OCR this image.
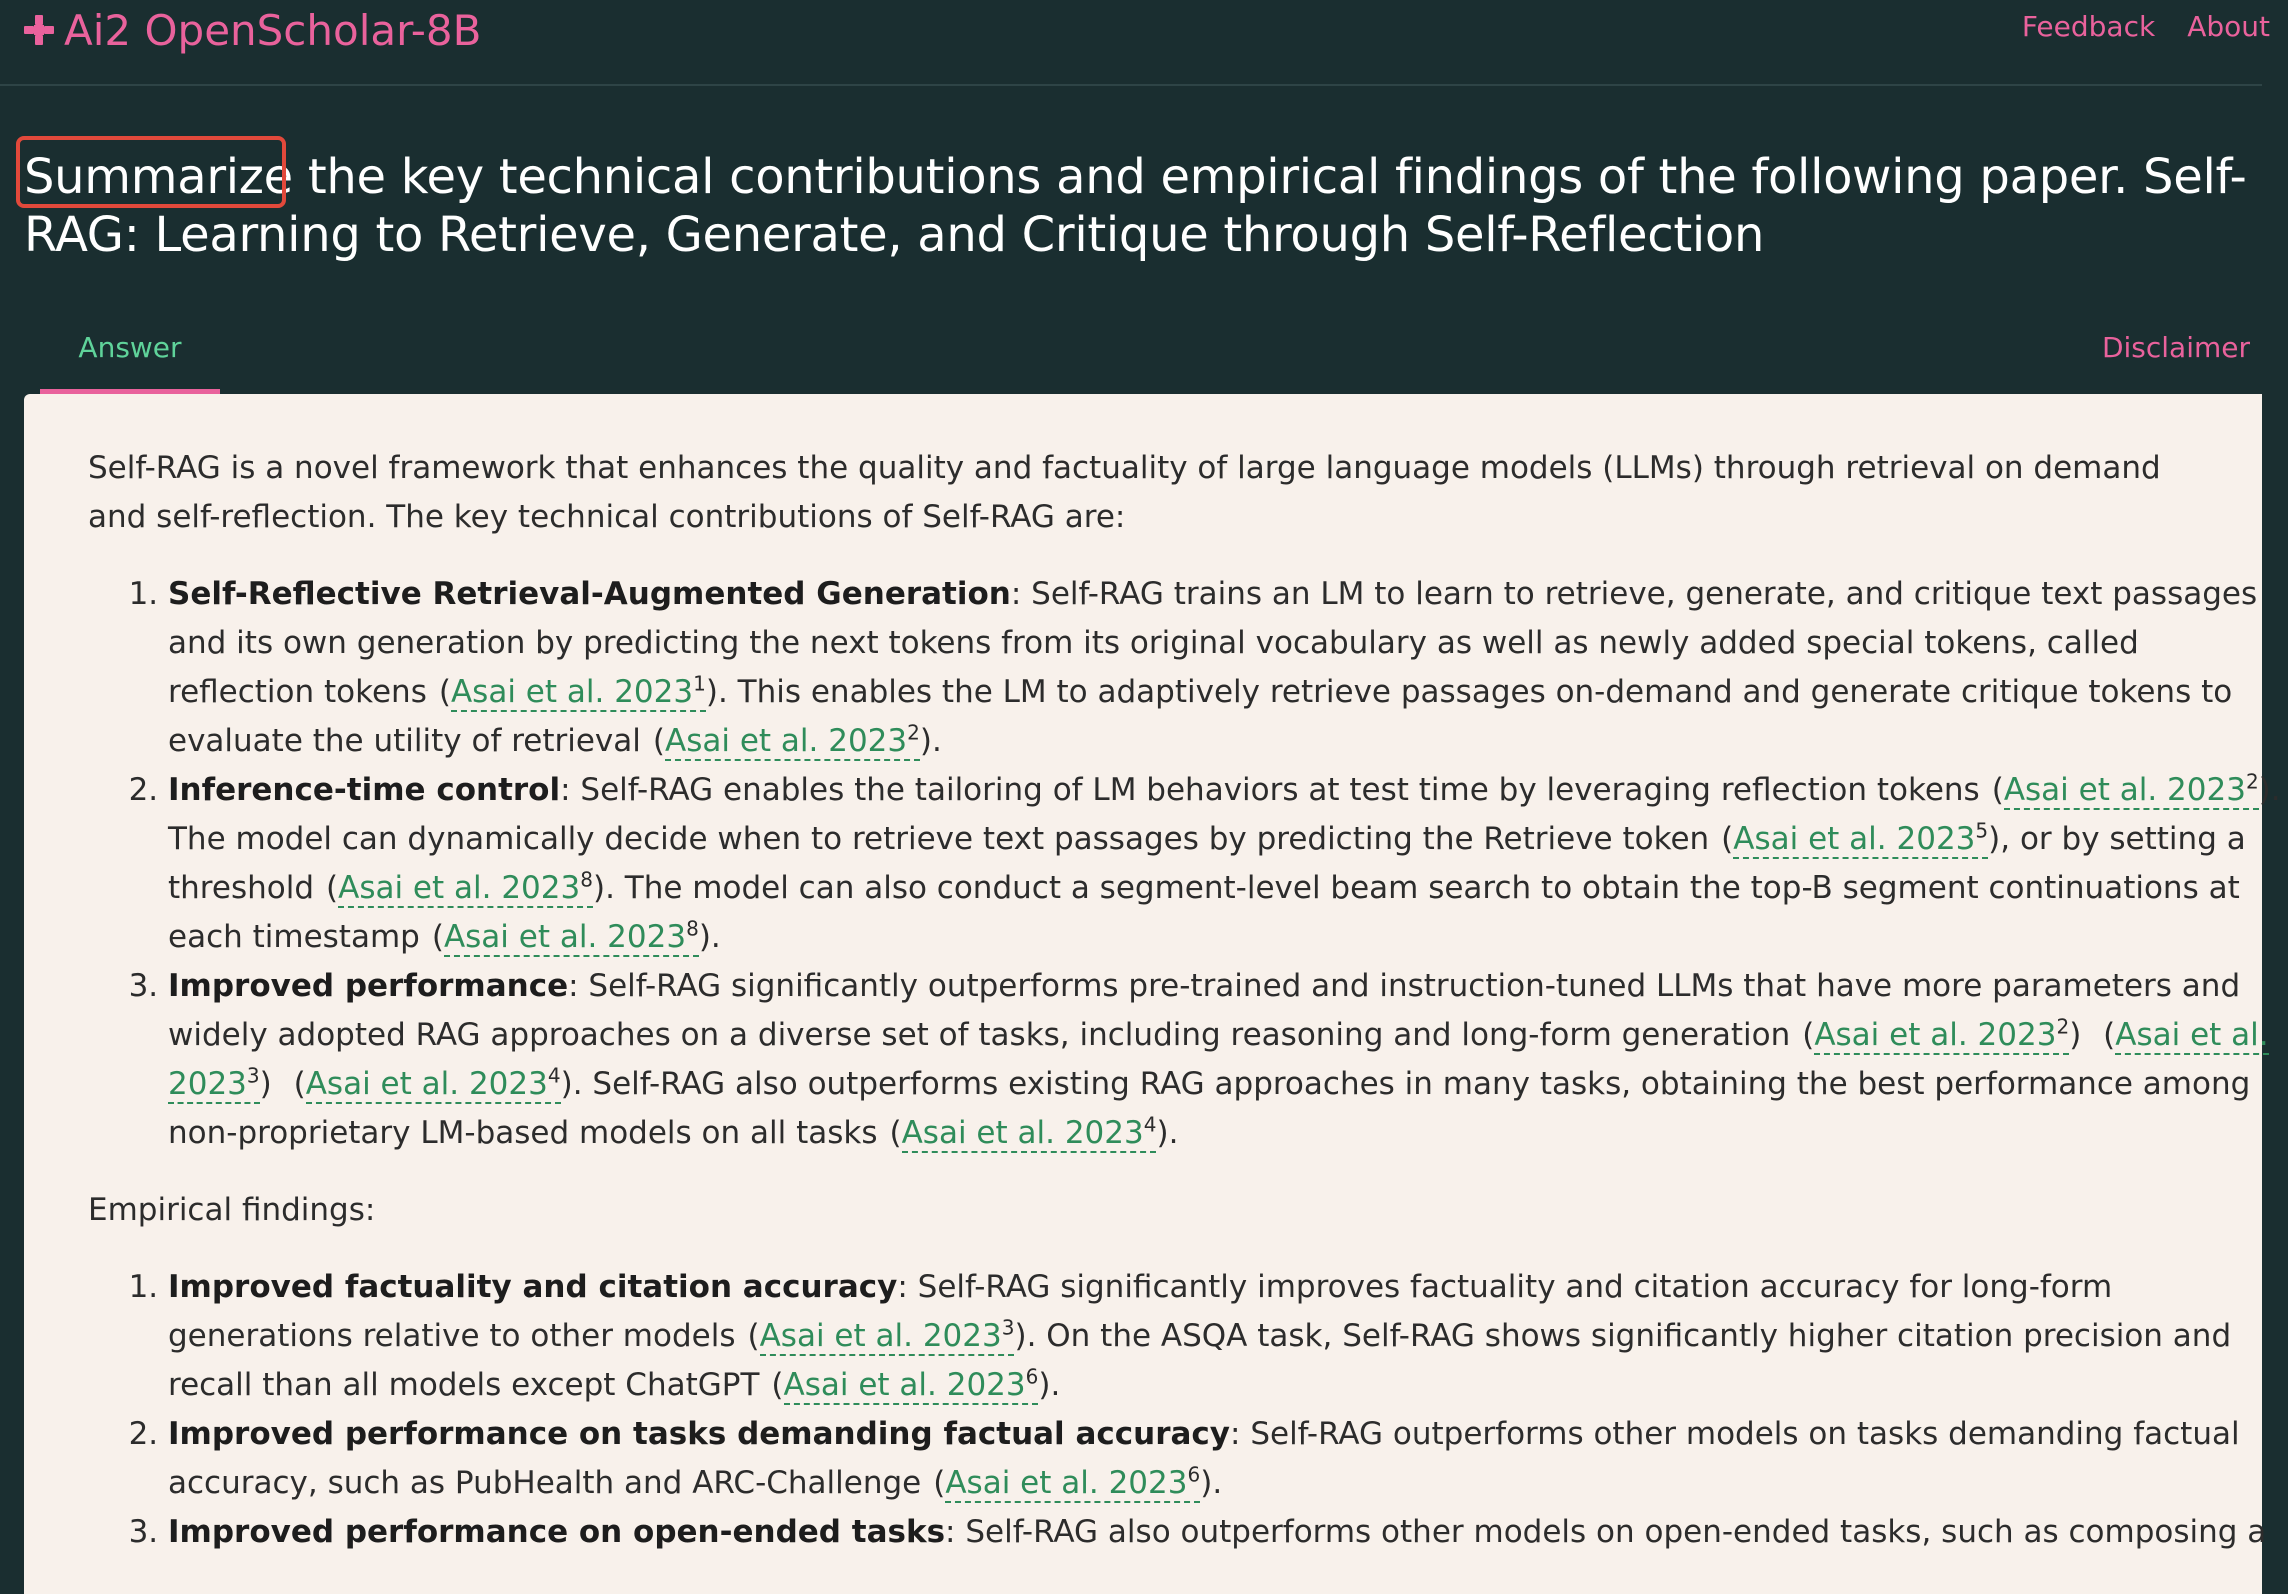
Ai2 OpenScholar-8B	Feedback About
Summarize
the key technical contributions and empirical findings of the following paper. Self-RAG: Learning to Retrieve, Generate, and Critique through Self-Reflection
Answer	Disclaimer

Self-RAG is a novel framework that enhances the quality and factuality of large language models (LLMs) through retrieval on demand and self-reflection. The key technical contributions of Self-RAG are:

1. Self-Reflective Retrieval-Augmented Generation: Self-RAG trains an LM to learn to retrieve, generate, and critique text passages and its own generation by predicting the next tokens from its original vocabulary as well as newly added special tokens, called reflection tokens (Asai et al. 2023$^1$). This enables the LM to adaptively retrieve passages on-demand and generate critique tokens to evaluate the utility of retrieval (Asai et al. 2023$^2$).
2. Inference-time control: Self-RAG enables the tailoring of LM behaviors at test time by leveraging reflection tokens (Asai et al. 2023$^2$). The model can dynamically decide when to retrieve text passages by predicting the Retrieve token (Asai et al. 2023$^5$), or by setting a threshold (Asai et al. 2023$^8$). The model can also conduct a segment-level beam search to obtain the top-B segment continuations at each timestamp (Asai et al. 2023$^8$).
3. Improved performance: Self-RAG significantly outperforms pre-trained and instruction-tuned LLMs that have more parameters and widely adopted RAG approaches on a diverse set of tasks, including reasoning and long-form generation (Asai et al. 2023$^2$) (Asai et al. 2023$^3$) (Asai et al. 2023$^4$). Self-RAG also outperforms existing RAG approaches in many tasks, obtaining the best performance among non-proprietary LM-based models on all tasks (Asai et al. 2023$^4$).

Empirical findings:

1. Improved factuality and citation accuracy: Self-RAG significantly improves factuality and citation accuracy for long-form generations relative to other models (Asai et al. 2023$^3$). On the ASQA task, Self-RAG shows significantly higher citation precision and recall than all models except ChatGPT (Asai et al. 2023$^6$).
2. Improved performance on tasks demanding factual accuracy: Self-RAG outperforms other models on tasks demanding factual accuracy, such as PubHealth and ARC-Challenge (Asai et al. 2023$^6$).
3. Improved performance on open-ended tasks: Self-RAG also outperforms other models on open-ended tasks, such as composing a
